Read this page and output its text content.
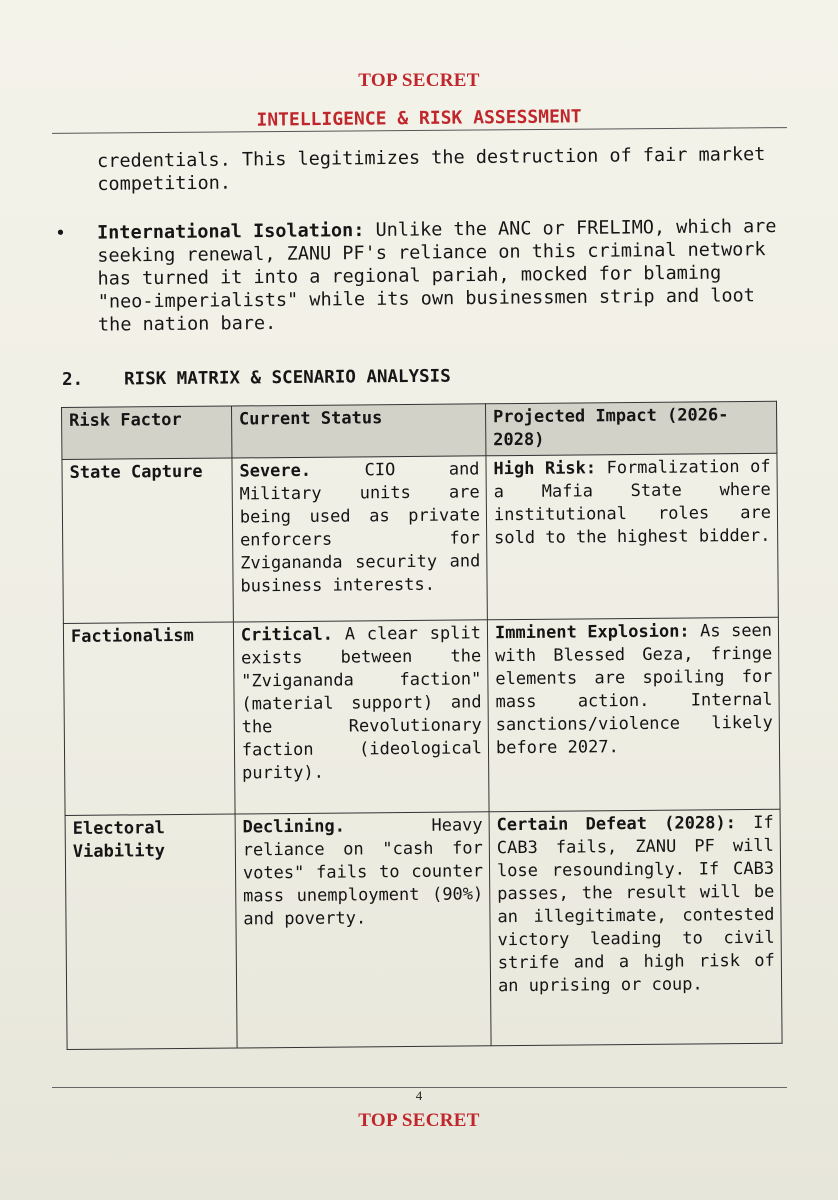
TOP SECRET
INTELLIGENCE & RISK ASSESSMENT
credentials. This legitimizes the destruction of fair market competition.
• International Isolation: Unlike the ANC or FRELIMO, which are seeking renewal, ZANU PF's reliance on this criminal network has turned it into a regional pariah, mocked for blaming "neo-imperialists" while its own businessmen strip and loot the nation bare.
2. RISK MATRIX & SCENARIO ANALYSIS
Risk Factor	Current Status	Projected Impact (2026-2028)
State Capture	Severe. CIO and Military units are being used as private enforcers for Zvigananda security and business interests.	High Risk: Formalization of a Mafia State where institutional roles are sold to the highest bidder.
Factionalism	Critical. A clear split exists between the "Zvigananda faction" (material support) and the Revolutionary faction (ideological purity).	Imminent Explosion: As seen with Blessed Geza, fringe elements are spoiling for mass action. Internal sanctions/violence likely before 2027.
Electoral Viability	Declining. Heavy reliance on "cash for votes" fails to counter mass unemployment (90%) and poverty.	Certain Defeat (2028): If CAB3 fails, ZANU PF will lose resoundingly. If CAB3 passes, the result will be an illegitimate, contested victory leading to civil strife and a high risk of an uprising or coup.
4
TOP SECRET
